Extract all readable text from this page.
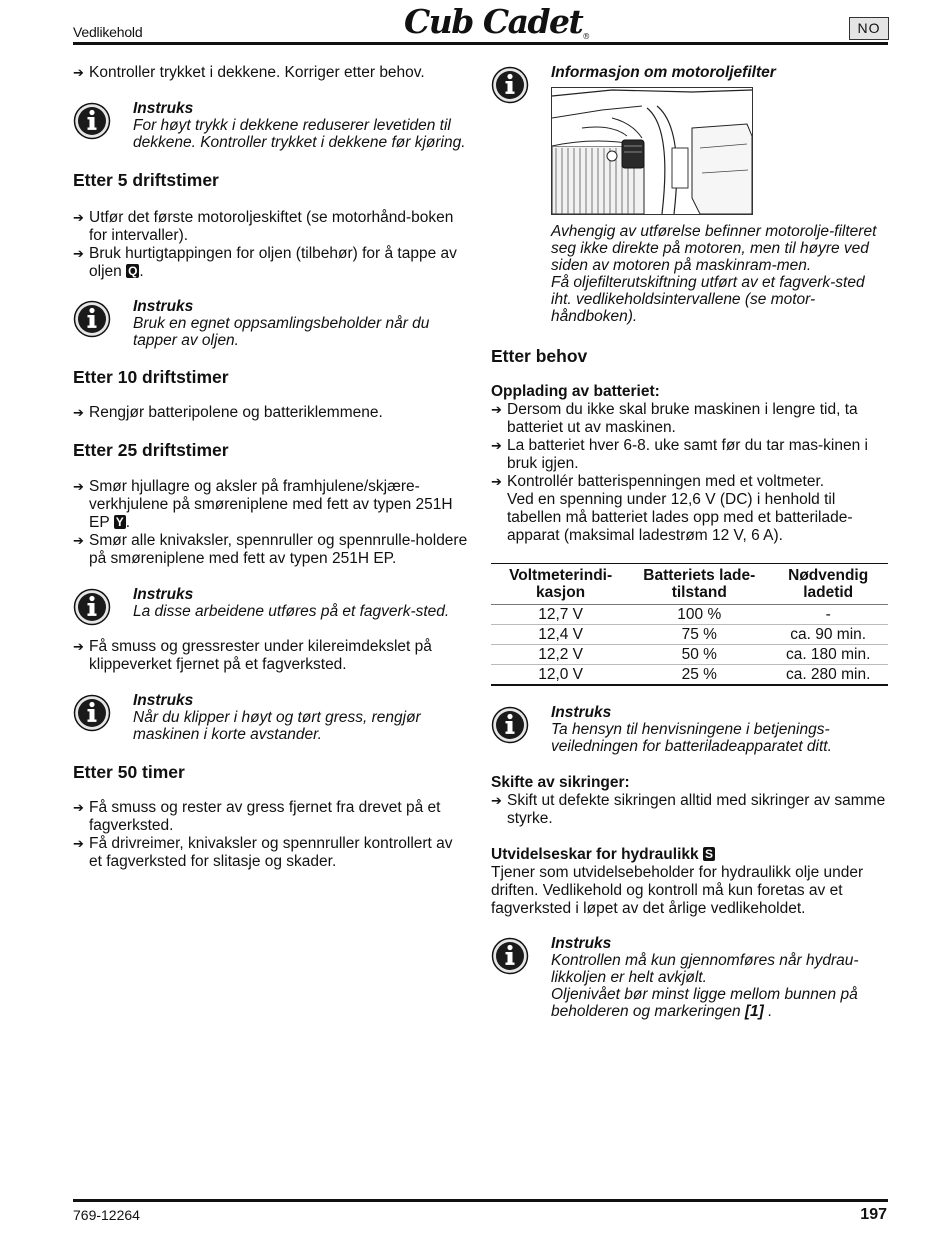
Vedlikehold	Cub Cadet®
NO
➔ Kontroller trykket i dekkene. Korriger etter behov.
Instruks
For høyt trykk i dekkene reduserer levetiden til dekkene. Kontroller trykket i dekkene før kjøring.
Etter 5 driftstimer
➔ Utfør det første motoroljeskiftet (se motorhånd-boken for intervaller).
➔ Bruk hurtigtappingen for oljen (tilbehør) for å tappe av oljen Q .
Instruks
Bruk en egnet oppsamlingsbeholder når du tapper av oljen.
Etter 10 driftstimer
➔ Rengjør batteripolene og batteriklemmene.
Etter 25 driftstimer
➔ Smør hjullagre og aksler på framhjulene/skjære-verkhjulene på smøreniplene med fett av typen 251H EP Y .
➔ Smør alle knivaksler, spennruller og spennrulle-holdere på smøreniplene med fett av typen 251H EP.
Instruks
La disse arbeidene utføres på et fagverk-sted.
➔ Få smuss og gressrester under kilereimdekslet på klippeverket fjernet på et fagverksted.
Instruks
Når du klipper i høyt og tørt gress, rengjør maskinen i korte avstander.
Etter 50 timer
➔ Få smuss og rester av gress fjernet fra drevet på et fagverksted.
➔ Få drivreimer, knivaksler og spennruller kontrollert av et fagverksted for slitasje og skader.
Informasjon om motoroljefilter
Avhengig av utførelse befinner motorolje-filteret seg ikke direkte på motoren, men til høyre ved siden av motoren på maskinram-men.
Få oljefilterutskiftning utført av et fagverk-sted iht. vedlikeholdsintervallene (se motor-håndboken).
Etter behov
Opplading av batteriet:
➔ Dersom du ikke skal bruke maskinen i lengre tid, ta batteriet ut av maskinen.
➔ La batteriet hver 6-8. uke samt før du tar mas-kinen i bruk igjen.
➔ Kontrollér batterispenningen med et voltmeter.
Ved en spenning under 12,6 V (DC) i henhold til tabellen må batteriet lades opp med et batterilade-apparat (maksimal ladestrøm 12 V, 6 A).
Voltmeterindi-kasjon	Batteriets lade-tilstand	Nødvendig ladetid
12,7 V	100 %	-
12,4 V	75 %	ca. 90 min.
12,2 V	50 %	ca. 180 min.
12,0 V	25 %	ca. 280 min.
Instruks
Ta hensyn til henvisningene i betjenings-veiledningen for batteriladeapparatet ditt.
Skifte av sikringer:
➔ Skift ut defekte sikringen alltid med sikringer av samme styrke.
Utvidelseskar for hydraulikk S
Tjener som utvidelsebeholder for hydraulikk olje under driften. Vedlikehold og kontroll må kun foretas av et fagverksted i løpet av det årlige vedlikeholdet.
Instruks
Kontrollen må kun gjennomføres når hydrau-likkoljen er helt avkjølt.
Oljenivået bør minst ligge mellom bunnen på beholderen og markeringen [1] .
769-12264	197
